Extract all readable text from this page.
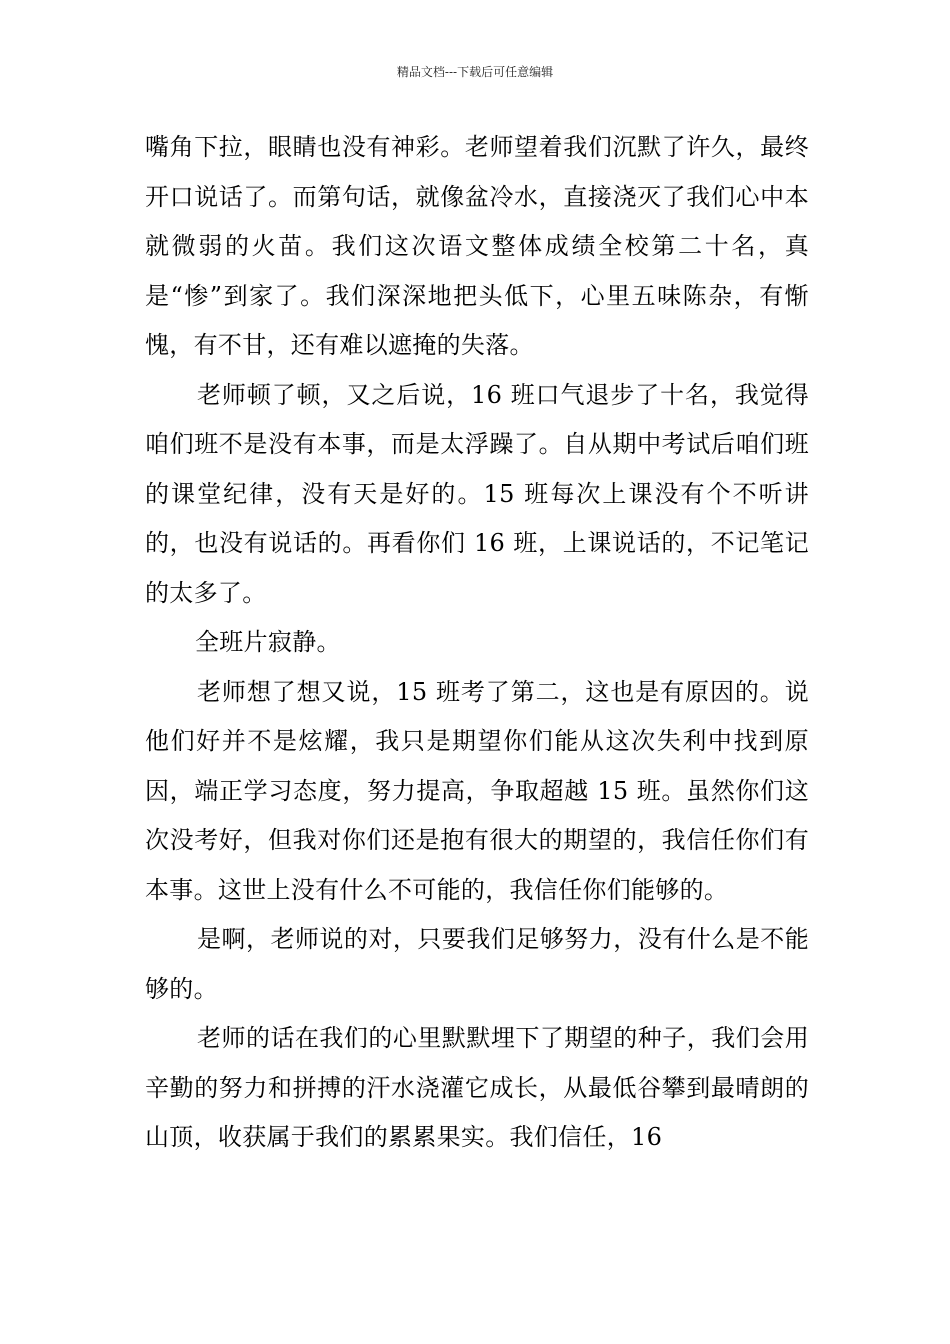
精品文档---下载后可任意编辑

嘴角下拉，眼睛也没有神彩。老师望着我们沉默了许久，最终开口说话了。而第句话，就像盆冷水，直接浇灭了我们心中本就微弱的火苗。我们这次语文整体成绩全校第二十名，真是“惨”到家了。我们深深地把头低下，心里五味陈杂，有惭愧，有不甘，还有难以遮掩的失落。

老师顿了顿，又之后说，16 班口气退步了十名，我觉得咱们班不是没有本事，而是太浮躁了。自从期中考试后咱们班的课堂纪律，没有天是好的。15 班每次上课没有个不听讲的，也没有说话的。再看你们 16 班，上课说话的，不记笔记的太多了。

全班片寂静。

老师想了想又说，15 班考了第二，这也是有原因的。说他们好并不是炫耀，我只是期望你们能从这次失利中找到原因，端正学习态度，努力提高，争取超越 15 班。虽然你们这次没考好，但我对你们还是抱有很大的期望的，我信任你们有本事。这世上没有什么不可能的，我信任你们能够的。

是啊，老师说的对，只要我们足够努力，没有什么是不能够的。

老师的话在我们的心里默默埋下了期望的种子，我们会用辛勤的努力和拼搏的汗水浇灌它成长，从最低谷攀到最晴朗的山顶，收获属于我们的累累果实。我们信任，16
